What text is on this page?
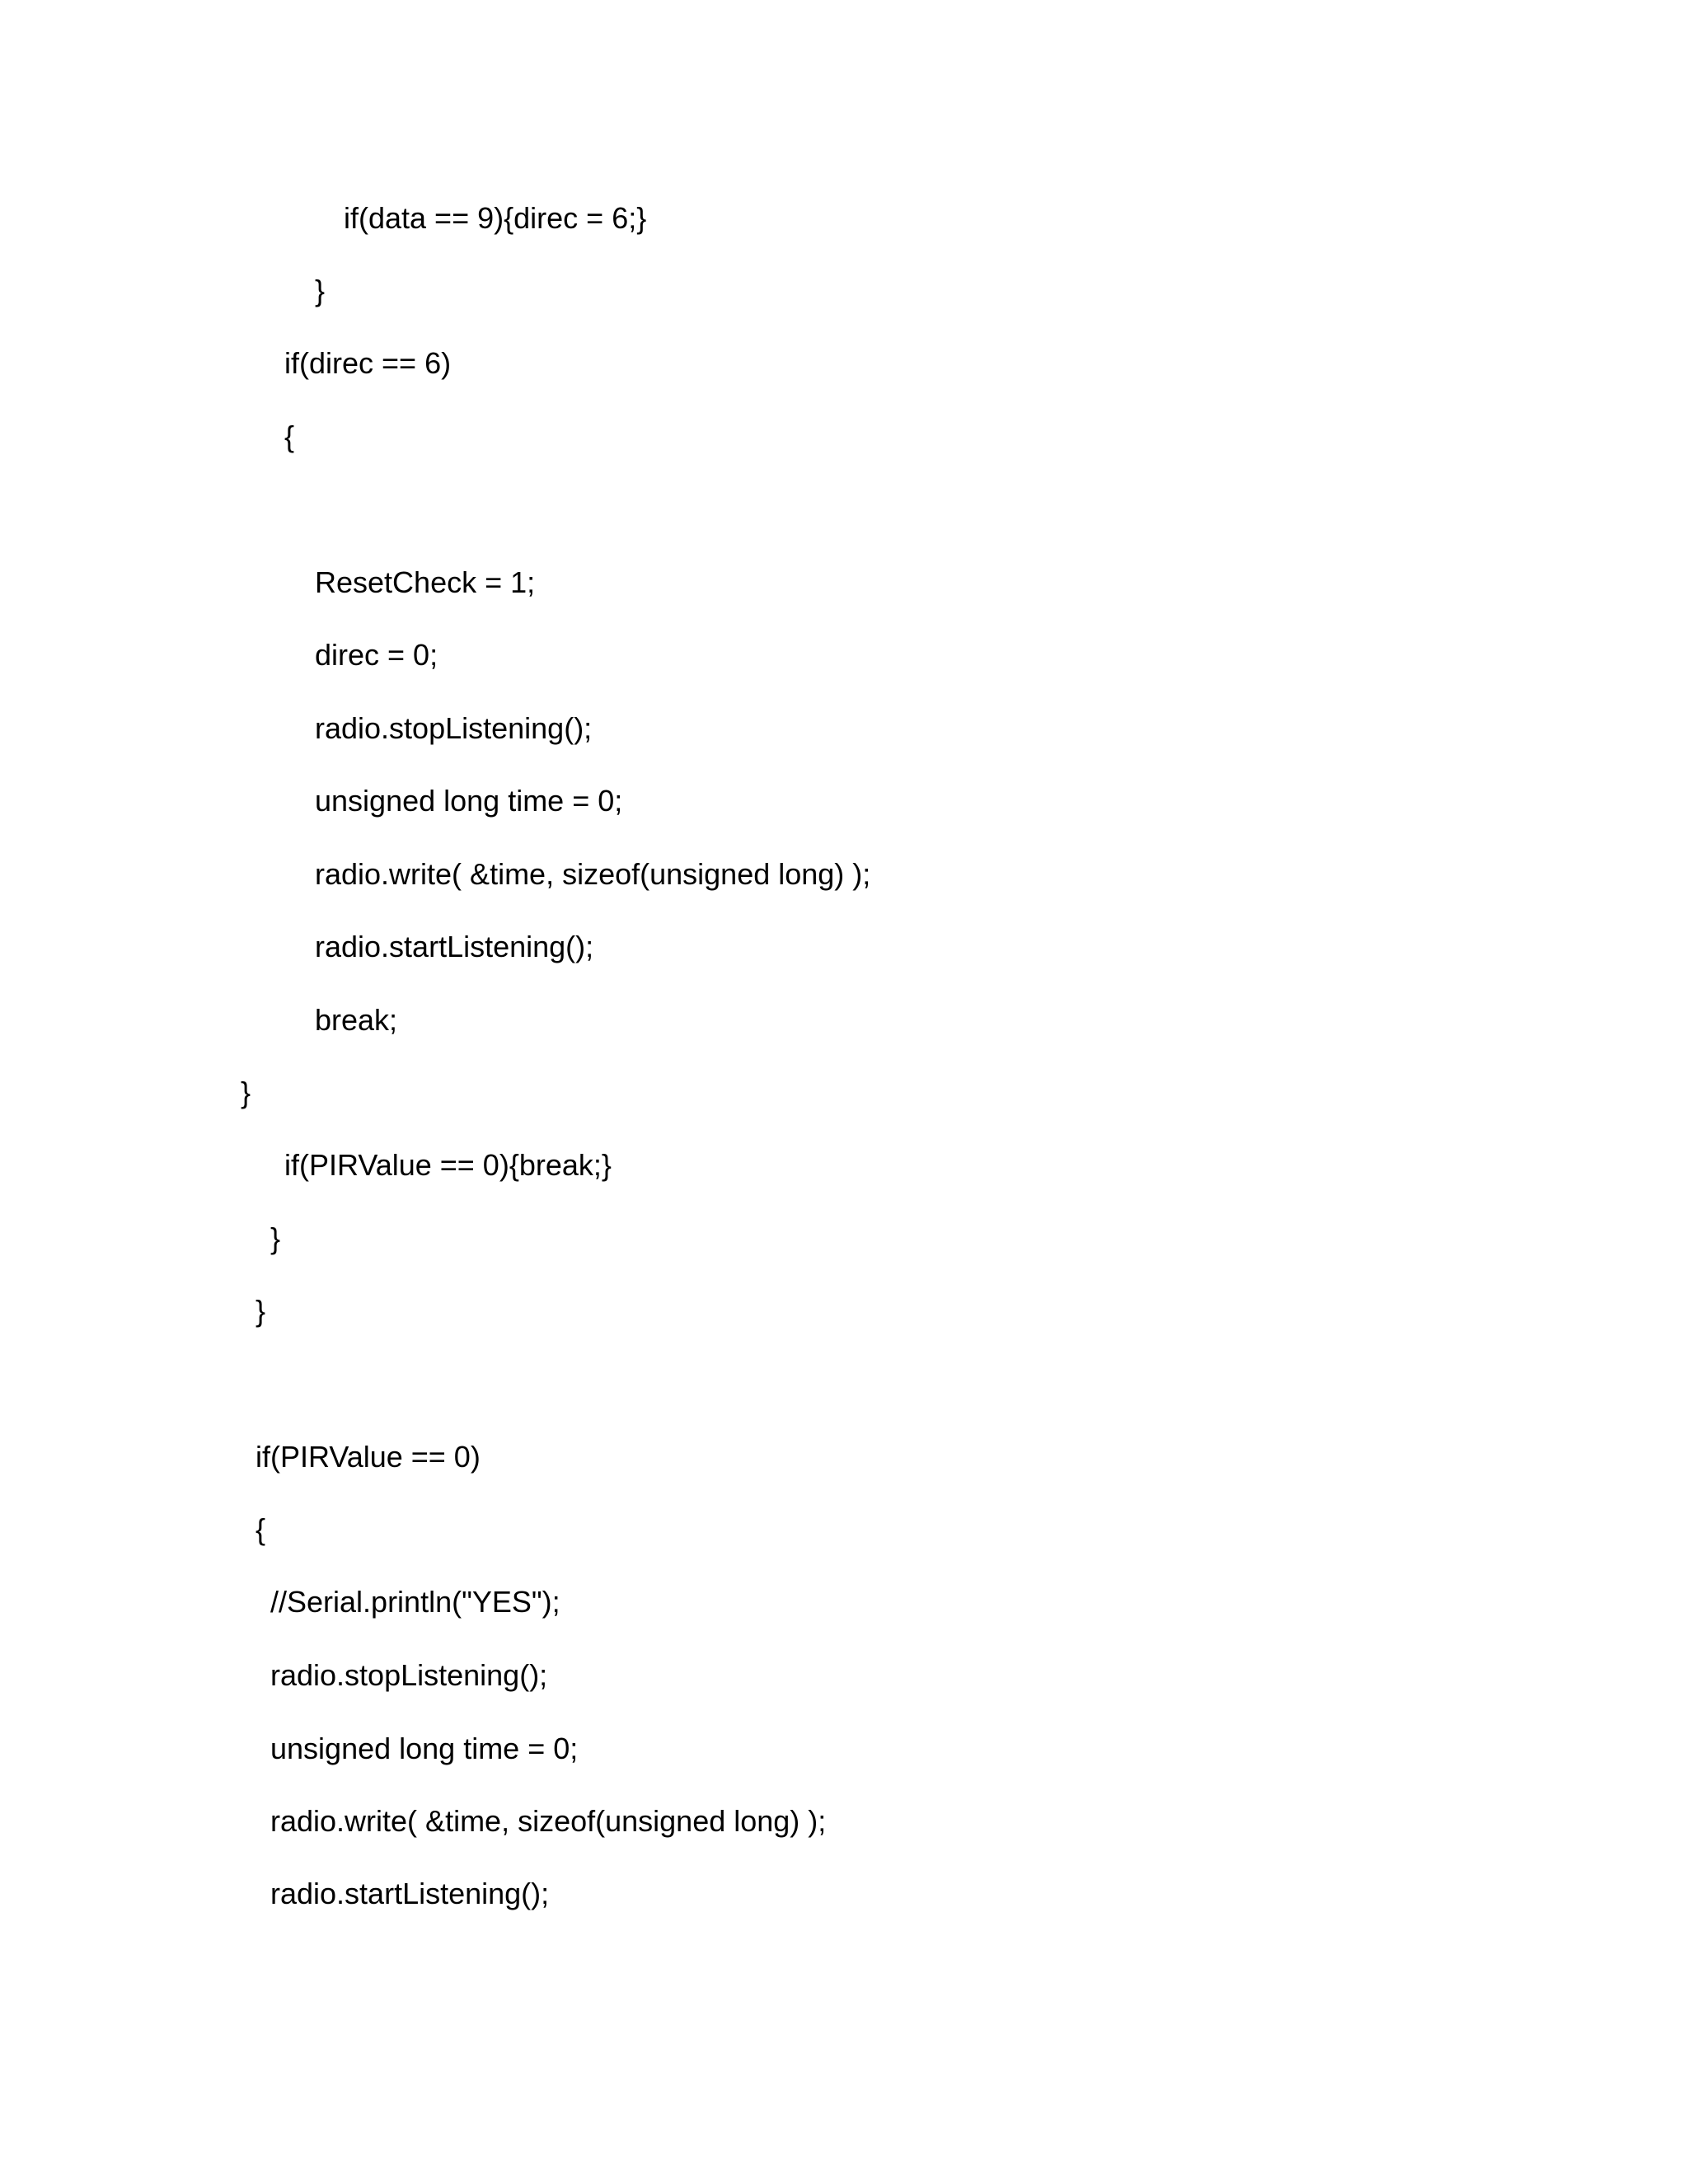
if(data == 9){direc = 6;}
}
if(direc == 6)
{
ResetCheck = 1;
direc = 0;
radio.stopListening();
unsigned long time = 0;
radio.write( &time, sizeof(unsigned long) );
radio.startListening();
break;
}
if(PIRValue == 0){break;}
}
}
if(PIRValue == 0)
{
//Serial.println("YES");
radio.stopListening();
unsigned long time = 0;
radio.write( &time, sizeof(unsigned long) );
radio.startListening();
